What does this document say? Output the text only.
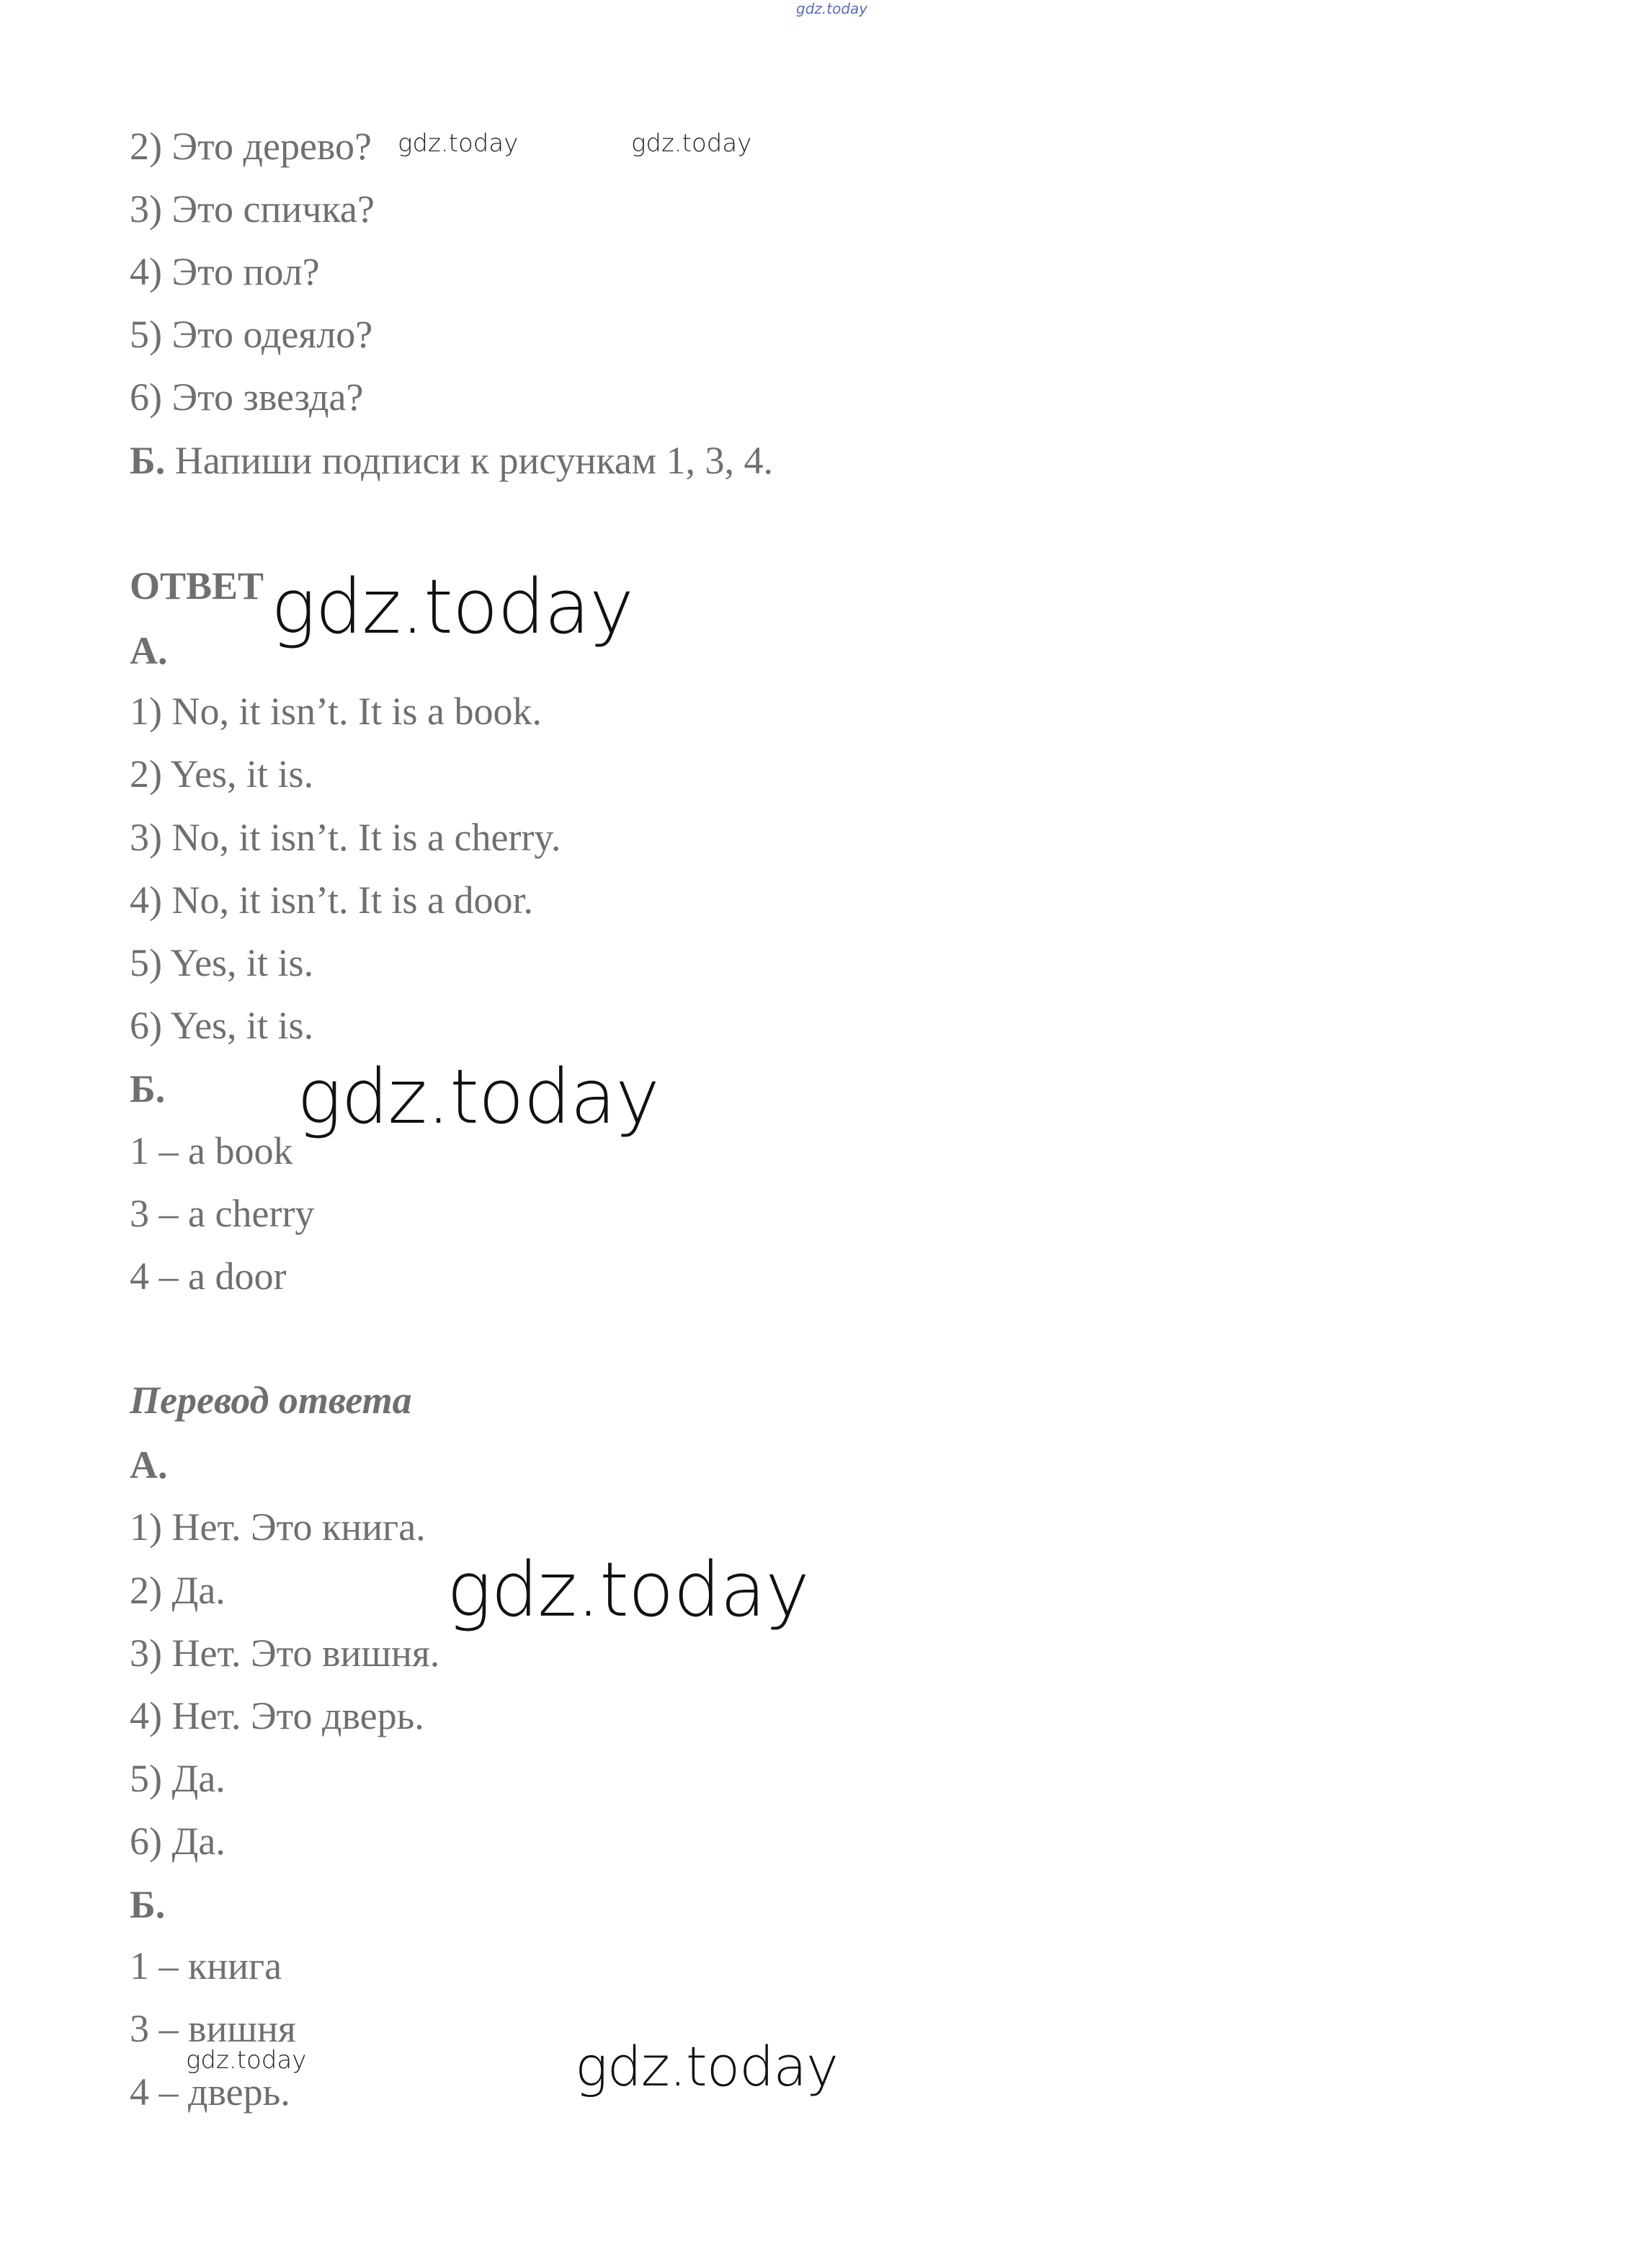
gdz.today
2) Это дерево? gdz.today	gdz.today
3) Это спичка?
4) Это пол?
5) Это одеяло?
6) Это звезда?
Б. Напиши подписи к рисункам 1, 3, 4.
ОТВЕТ gdz.today
А.
1) No, it isn’t. It is a book.
2) Yes, it is.
3) No, it isn’t. It is a cherry.
4) No, it isn’t. It is a door.
5) Yes, it is.
6) Yes, it is.
Б. gdz.today
1 – a book
3 – a cherry
4 – a door
Перевод ответа
А.
1) Нет. Это книга.
2) Да.	gdz.today
3) Нет. Это вишня.
4) Нет. Это дверь.
5) Да.
6) Да.
Б.
1 – книга
3 – вишня
gdz.today	gdz.today
4 – дверь.
